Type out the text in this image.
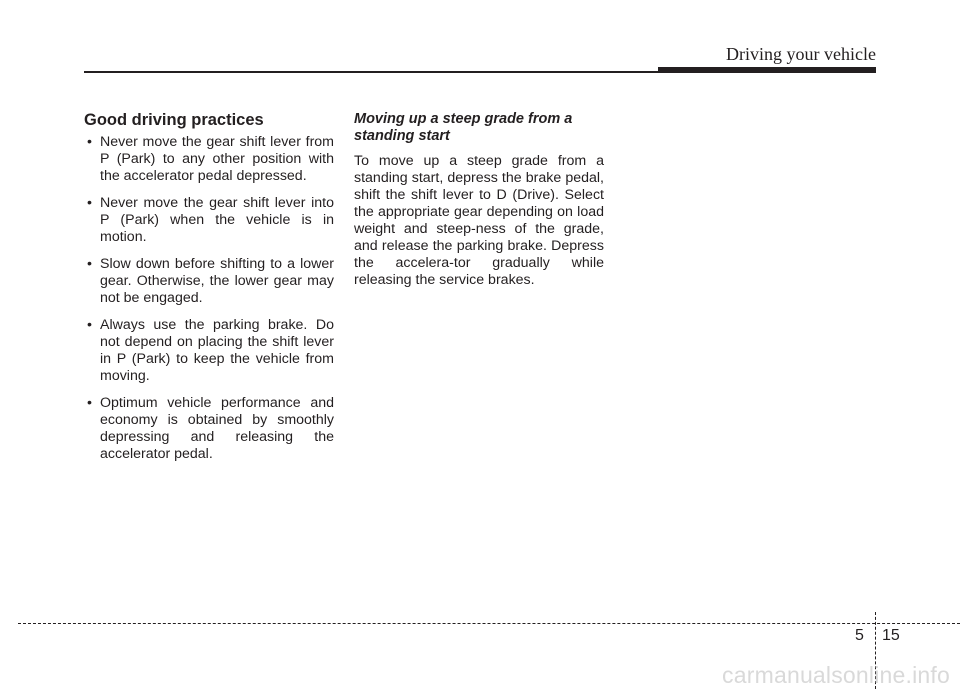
Driving your vehicle
Good driving practices
• Never move the gear shift lever from P (Park) to any other position with the accelerator pedal depressed.
• Never move the gear shift lever into P (Park) when the vehicle is in motion.
• Slow down before shifting to a lower gear. Otherwise, the lower gear may not be engaged.
• Always use the parking brake. Do not depend on placing the shift lever in P (Park) to keep the vehicle from moving.
• Optimum vehicle performance and economy is obtained by smoothly depressing and releasing the accelerator pedal.
Moving up a steep grade from a standing start

To move up a steep grade from a standing start, depress the brake pedal, shift the shift lever to D (Drive). Select the appropriate gear depending on load weight and steep-ness of the grade, and release the parking brake. Depress the accelera-tor gradually while releasing the service brakes.

5 15
carmanualsonline.info
